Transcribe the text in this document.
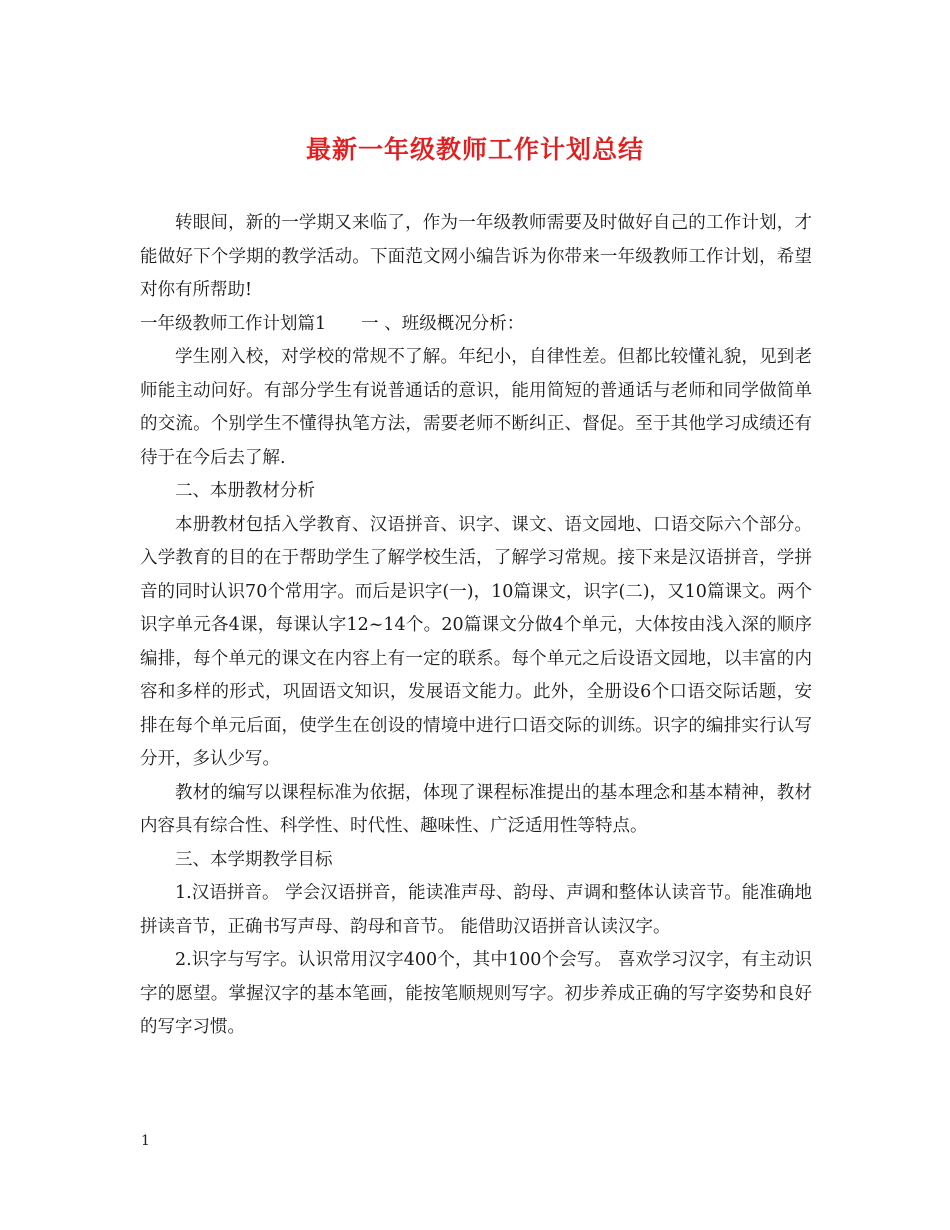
最新一年级教师工作计划总结

转眼间，新的一学期又来临了，作为一年级教师需要及时做好自己的工作计划，才能做好下个学期的教学活动。下面范文网小编告诉为你带来一年级教师工作计划，希望对你有所帮助!

一年级教师工作计划篇1　　一 、班级概况分析：

学生刚入校，对学校的常规不了解。年纪小，自律性差。但都比较懂礼貌，见到老师能主动问好。有部分学生有说普通话的意识，能用简短的普通话与老师和同学做简单的交流。个别学生不懂得执笔方法，需要老师不断纠正、督促。至于其他学习成绩还有待于在今后去了解.

二、本册教材分析

本册教材包括入学教育、汉语拼音、识字、课文、语文园地、口语交际六个部分。入学教育的目的在于帮助学生了解学校生活，了解学习常规。接下来是汉语拼音，学拼音的同时认识70个常用字。而后是识字(一)，10篇课文，识字(二)，又10篇课文。两个识字单元各4课，每课认字12~14个。20篇课文分做4个单元，大体按由浅入深的顺序编排，每个单元的课文在内容上有一定的联系。每个单元之后设语文园地，以丰富的内容和多样的形式，巩固语文知识，发展语文能力。此外，全册设6个口语交际话题，安排在每个单元后面，使学生在创设的情境中进行口语交际的训练。识字的编排实行认写分开，多认少写。

教材的编写以课程标准为依据，体现了课程标准提出的基本理念和基本精神，教材内容具有综合性、科学性、时代性、趣味性、广泛适用性等特点。

三、本学期教学目标

1.汉语拼音。 学会汉语拼音，能读准声母、韵母、声调和整体认读音节。能准确地拼读音节，正确书写声母、韵母和音节。 能借助汉语拼音认读汉字。

2.识字与写字。认识常用汉字400个，其中100个会写。 喜欢学习汉字，有主动识字的愿望。掌握汉字的基本笔画，能按笔顺规则写字。初步养成正确的写字姿势和良好的写字习惯。

1
